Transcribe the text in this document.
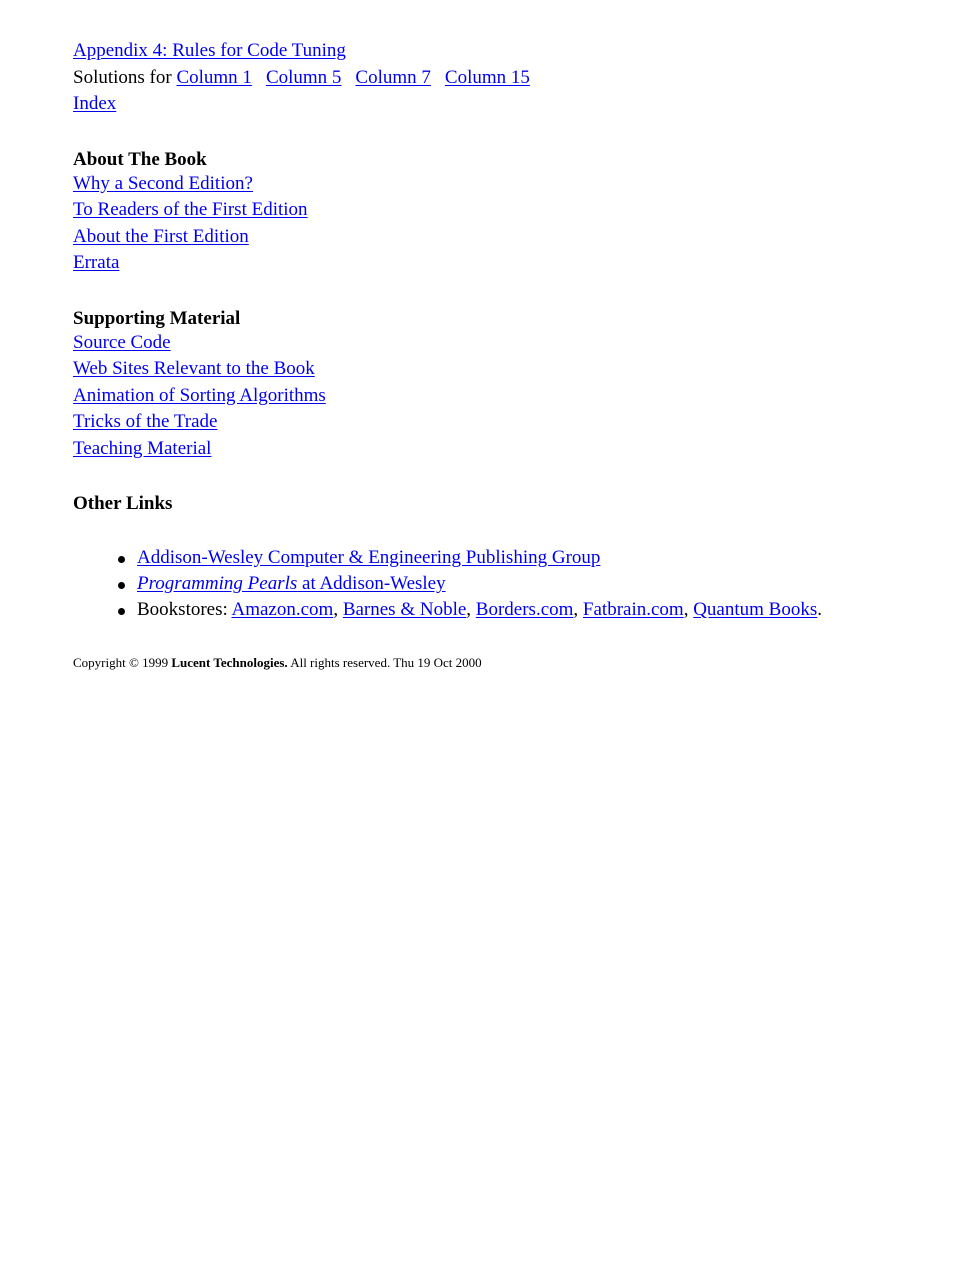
Appendix 4: Rules for Code Tuning
Solutions for Column 1 Column 5 Column 7 Column 15
Index
About The Book
Why a Second Edition?
To Readers of the First Edition
About the First Edition
Errata
Supporting Material
Source Code
Web Sites Relevant to the Book
Animation of Sorting Algorithms
Tricks of the Trade
Teaching Material
Other Links
Addison-Wesley Computer & Engineering Publishing Group
Programming Pearls at Addison-Wesley
Bookstores: Amazon.com, Barnes & Noble, Borders.com, Fatbrain.com, Quantum Books.
Copyright © 1999 Lucent Technologies. All rights reserved. Thu 19 Oct 2000
